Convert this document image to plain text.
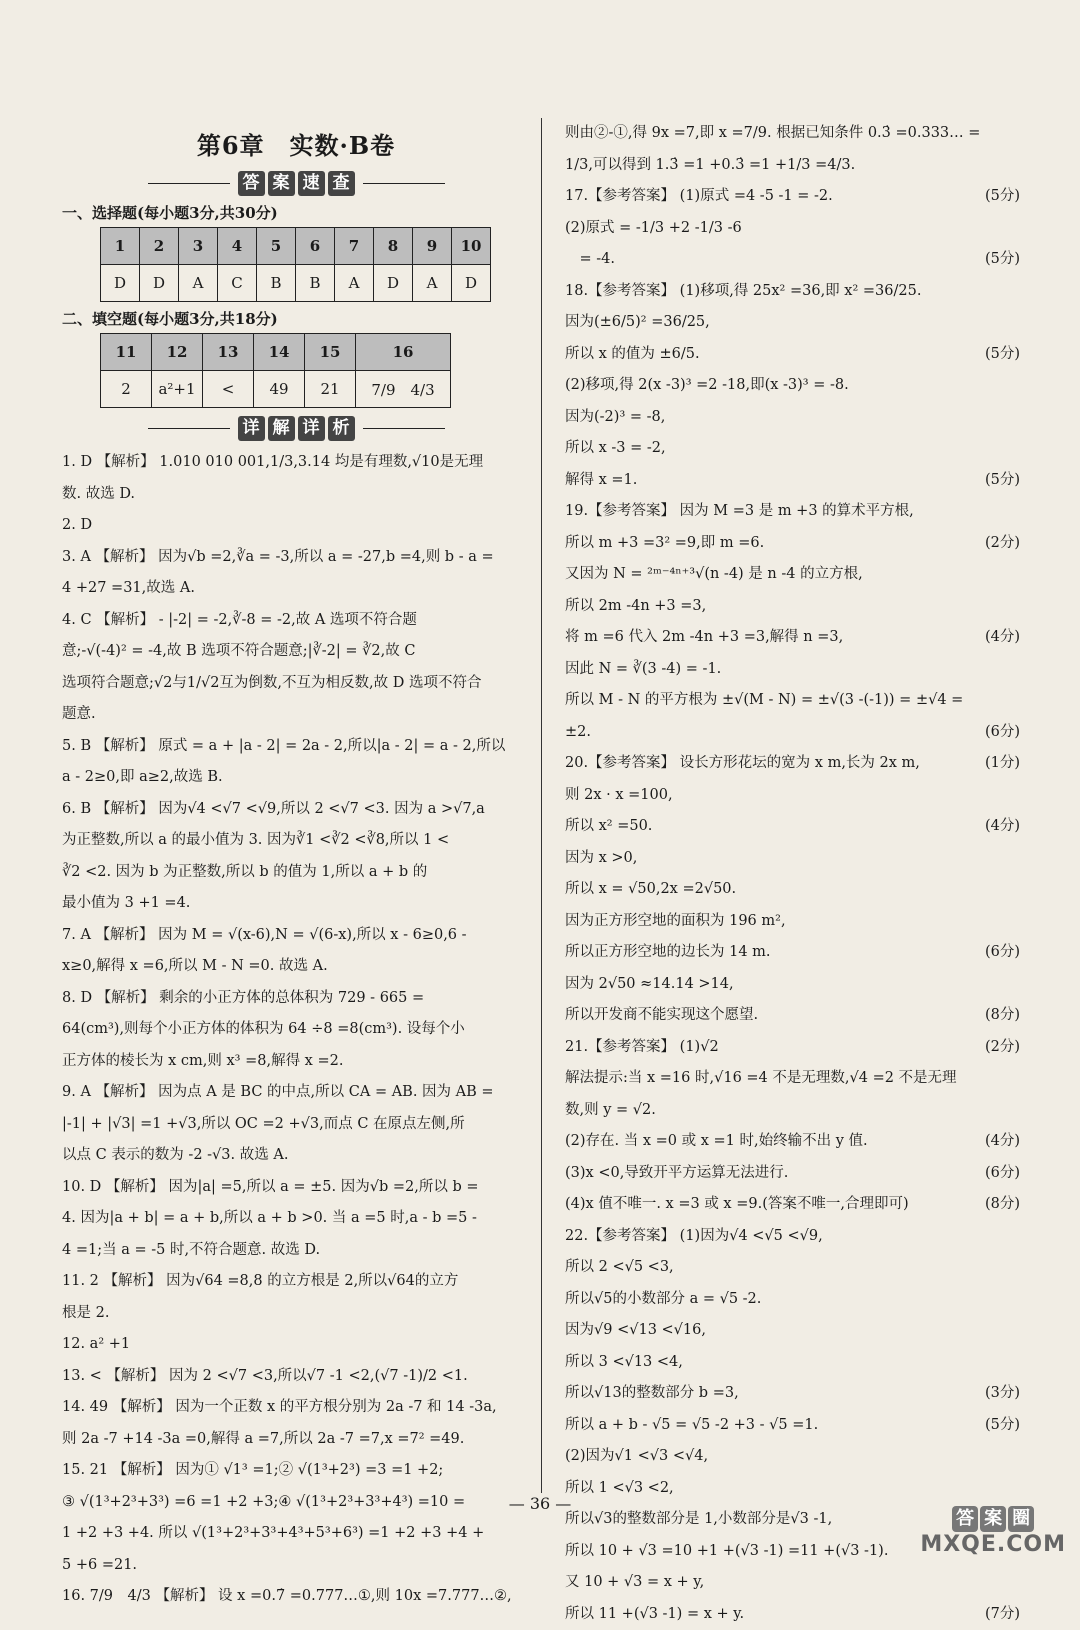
第6章　实数·B卷
答 案 速 查
一、选择题(每小题3分,共30分)
1	2	3	4	5	6	7	8	9	10
D	D	A	C	B	B	A	D	A	D
二、填空题(每小题3分,共18分)
11	12	13	14	15	16
2	a²+1	<	49	21	7/9　4/3
详 解 详 析
1. D 【解析】 1.010 010 001,1/3,3.14 均是有理数,√10是无理
数. 故选 D.
2. D
3. A 【解析】 因为√b =2,∛a = -3,所以 a = -27,b =4,则 b - a =
4 +27 =31,故选 A.
4. C 【解析】 - |-2| = -2,∛-8 = -2,故 A 选项不符合题
意;-√(-4)² = -4,故 B 选项不符合题意;|∛-2| = ∛2,故 C
选项符合题意;√2与1/√2互为倒数,不互为相反数,故 D 选项不符合
题意.
5. B 【解析】 原式 = a + |a - 2| = 2a - 2,所以|a - 2| = a - 2,所以
a - 2≥0,即 a≥2,故选 B.
6. B 【解析】 因为√4 <√7 <√9,所以 2 <√7 <3. 因为 a >√7,a
为正整数,所以 a 的最小值为 3. 因为∛1 <∛2 <∛8,所以 1 <
∛2 <2. 因为 b 为正整数,所以 b 的值为 1,所以 a + b 的
最小值为 3 +1 =4.
7. A 【解析】 因为 M = √(x-6),N = √(6-x),所以 x - 6≥0,6 -
x≥0,解得 x =6,所以 M - N =0. 故选 A.
8. D 【解析】 剩余的小正方体的总体积为 729 - 665 =
64(cm³),则每个小正方体的体积为 64 ÷8 =8(cm³). 设每个小
正方体的棱长为 x cm,则 x³ =8,解得 x =2.
9. A 【解析】 因为点 A 是 BC 的中点,所以 CA = AB. 因为 AB =
|-1| + |√3| =1 +√3,所以 OC =2 +√3,而点 C 在原点左侧,所
以点 C 表示的数为 -2 -√3. 故选 A.
10. D 【解析】 因为|a| =5,所以 a = ±5. 因为√b =2,所以 b =
4. 因为|a + b| = a + b,所以 a + b >0. 当 a =5 时,a - b =5 -
4 =1;当 a = -5 时,不符合题意. 故选 D.
11. 2 【解析】 因为√64 =8,8 的立方根是 2,所以√64的立方
根是 2.
12. a² +1
13. < 【解析】 因为 2 <√7 <3,所以√7 -1 <2,(√7 -1)/2 <1.
14. 49 【解析】 因为一个正数 x 的平方根分别为 2a -7 和 14 -3a,
则 2a -7 +14 -3a =0,解得 a =7,所以 2a -7 =7,x =7² =49.
15. 21 【解析】 因为① √1³ =1;② √(1³+2³) =3 =1 +2;
③ √(1³+2³+3³) =6 =1 +2 +3;④ √(1³+2³+3³+4³) =10 =
1 +2 +3 +4. 所以 √(1³+2³+3³+4³+5³+6³) =1 +2 +3 +4 +
5 +6 =21.
16. 7/9　4/3 【解析】 设 x =0.7̇ =0.777…①,则 10x =7.777…②,
则由②-①,得 9x =7,即 x =7/9. 根据已知条件 0.3̇ =0.333… =
1/3,可以得到 1.3̇ =1 +0.3̇ =1 +1/3 =4/3.
17.【参考答案】 (1)原式 =4 -5 -1 = -2.	(5分)
(2)原式 = -1/3 +2 -1/3 -6
　= -4.	(5分)
18.【参考答案】 (1)移项,得 25x² =36,即 x² =36/25.
因为(±6/5)² =36/25,
所以 x 的值为 ±6/5.	(5分)
(2)移项,得 2(x -3)³ =2 -18,即(x -3)³ = -8.
因为(-2)³ = -8,
所以 x -3 = -2,
解得 x =1.	(5分)
19.【参考答案】 因为 M =3 是 m +3 的算术平方根,
所以 m +3 =3² =9,即 m =6.	(2分)
又因为 N = ²ᵐ⁻⁴ⁿ⁺³√(n -4) 是 n -4 的立方根,
所以 2m -4n +3 =3,
将 m =6 代入 2m -4n +3 =3,解得 n =3,	(4分)
因此 N = ∛(3 -4) = -1.
所以 M - N 的平方根为 ±√(M - N) = ±√(3 -(-1)) = ±√4 =
±2.	(6分)
20.【参考答案】 设长方形花坛的宽为 x m,长为 2x m,	(1分)
则 2x · x =100,
所以 x² =50.	(4分)
因为 x >0,
所以 x = √50,2x =2√50.
因为正方形空地的面积为 196 m²,
所以正方形空地的边长为 14 m.	(6分)
因为 2√50 ≈14.14 >14,
所以开发商不能实现这个愿望.	(8分)
21.【参考答案】 (1)√2	(2分)
解法提示:当 x =16 时,√16 =4 不是无理数,√4 =2 不是无理
数,则 y = √2.
(2)存在. 当 x =0 或 x =1 时,始终输不出 y 值.	(4分)
(3)x <0,导致开平方运算无法进行.	(6分)
(4)x 值不唯一. x =3 或 x =9.(答案不唯一,合理即可)	(8分)
22.【参考答案】 (1)因为√4 <√5 <√9,
所以 2 <√5 <3,
所以√5的小数部分 a = √5 -2.
因为√9 <√13 <√16,
所以 3 <√13 <4,
所以√13的整数部分 b =3,	(3分)
所以 a + b - √5 = √5 -2 +3 - √5 =1.	(5分)
(2)因为√1 <√3 <√4,
所以 1 <√3 <2,
所以√3的整数部分是 1,小数部分是√3 -1,
所以 10 + √3 =10 +1 +(√3 -1) =11 +(√3 -1).
又 10 + √3 = x + y,
所以 11 +(√3 -1) = x + y.	(7分)
— 36 —
答 案 圈
MXQE.COM
